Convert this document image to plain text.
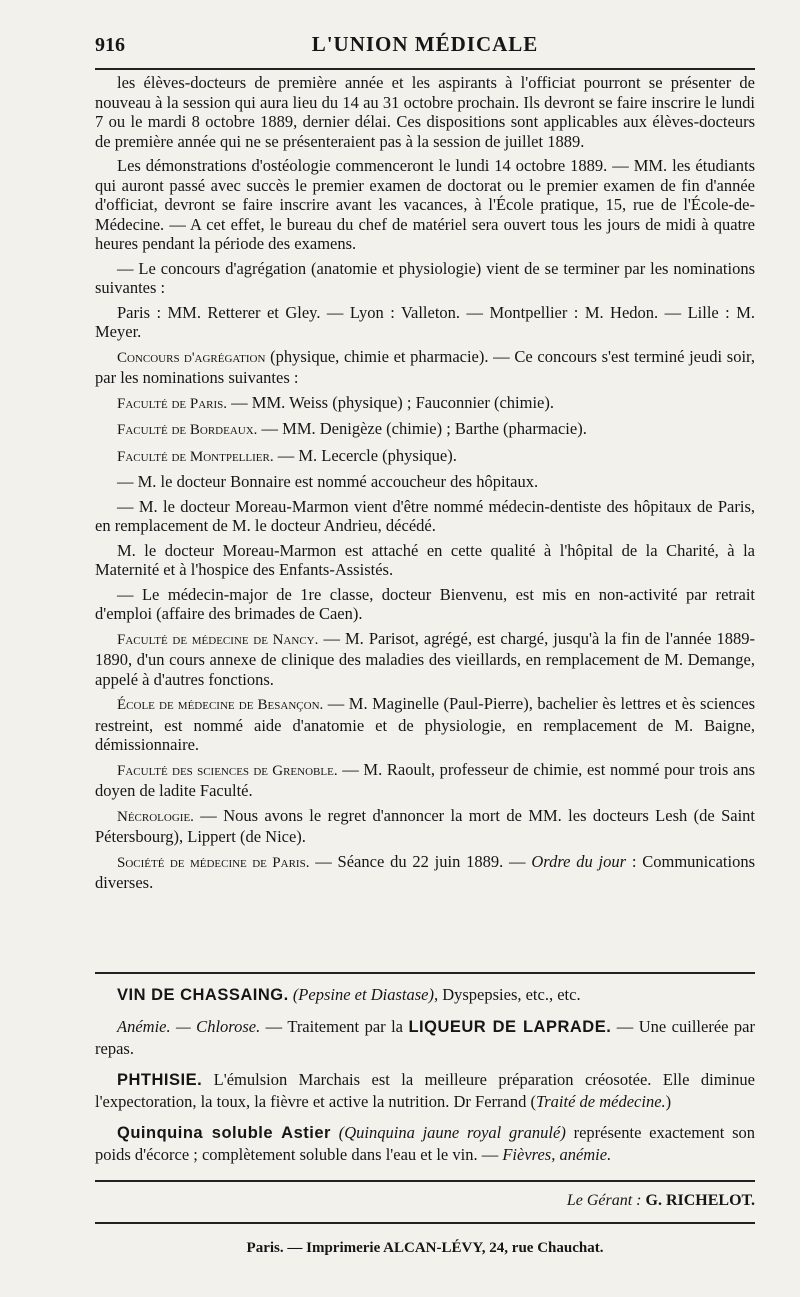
916	L'UNION MÉDICALE

les élèves-docteurs de première année et les aspirants à l'officiat pourront se présenter de nouveau à la session qui aura lieu du 14 au 31 octobre prochain. Ils devront se faire inscrire le lundi 7 ou le mardi 8 octobre 1889, dernier délai. Ces dispositions sont applicables aux élèves-docteurs de première année qui ne se présenteraient pas à la session de juillet 1889.

Les démonstrations d'ostéologie commenceront le lundi 14 octobre 1889. — MM. les étudiants qui auront passé avec succès le premier examen de doctorat ou le premier examen de fin d'année d'officiat, devront se faire inscrire avant les vacances, à l'École pratique, 15, rue de l'École-de-Médecine. — A cet effet, le bureau du chef de matériel sera ouvert tous les jours de midi à quatre heures pendant la période des examens.

— Le concours d'agrégation (anatomie et physiologie) vient de se terminer par les nominations suivantes :

Paris : MM. Retterer et Gley. — Lyon : Valleton. — Montpellier : M. Hedon. — Lille : M. Meyer.

Concours d'agrégation (physique, chimie et pharmacie). — Ce concours s'est terminé jeudi soir, par les nominations suivantes :

Faculté de Paris. — MM. Weiss (physique) ; Fauconnier (chimie).

Faculté de Bordeaux. — MM. Denigèze (chimie) ; Barthe (pharmacie).

Faculté de Montpellier. — M. Lecercle (physique).

— M. le docteur Bonnaire est nommé accoucheur des hôpitaux.

— M. le docteur Moreau-Marmon vient d'être nommé médecin-dentiste des hôpitaux de Paris, en remplacement de M. le docteur Andrieu, décédé.

M. le docteur Moreau-Marmon est attaché en cette qualité à l'hôpital de la Charité, à la Maternité et à l'hospice des Enfants-Assistés.

— Le médecin-major de 1re classe, docteur Bienvenu, est mis en non-activité par retrait d'emploi (affaire des brimades de Caen).

Faculté de médecine de Nancy. — M. Parisot, agrégé, est chargé, jusqu'à la fin de l'année 1889-1890, d'un cours annexe de clinique des maladies des vieillards, en remplacement de M. Demange, appelé à d'autres fonctions.

École de médecine de Besançon. — M. Maginelle (Paul-Pierre), bachelier ès lettres et ès sciences restreint, est nommé aide d'anatomie et de physiologie, en remplacement de M. Baigne, démissionnaire.

Faculté des sciences de Grenoble. — M. Raoult, professeur de chimie, est nommé pour trois ans doyen de ladite Faculté.

Nécrologie. — Nous avons le regret d'annoncer la mort de MM. les docteurs Lesh (de Saint Pétersbourg), Lippert (de Nice).

Société de médecine de Paris. — Séance du 22 juin 1889. — Ordre du jour : Communications diverses.

VIN DE CHASSAING. (Pepsine et Diastase), Dyspepsies, etc., etc.

Anémie. — Chlorose. — Traitement par la LIQUEUR DE LAPRADE. — Une cuillerée par repas.

PHTHISIE. L'émulsion Marchais est la meilleure préparation créosotée. Elle diminue l'expectoration, la toux, la fièvre et active la nutrition. Dr Ferrand (Traité de médecine.)

Quinquina soluble Astier (Quinquina jaune royal granulé) représente exactement son poids d'écorce ; complètement soluble dans l'eau et le vin. — Fièvres, anémie.

Le Gérant : G. RICHELOT.
Paris. — Imprimerie ALCAN-LÉVY, 24, rue Chauchat.
